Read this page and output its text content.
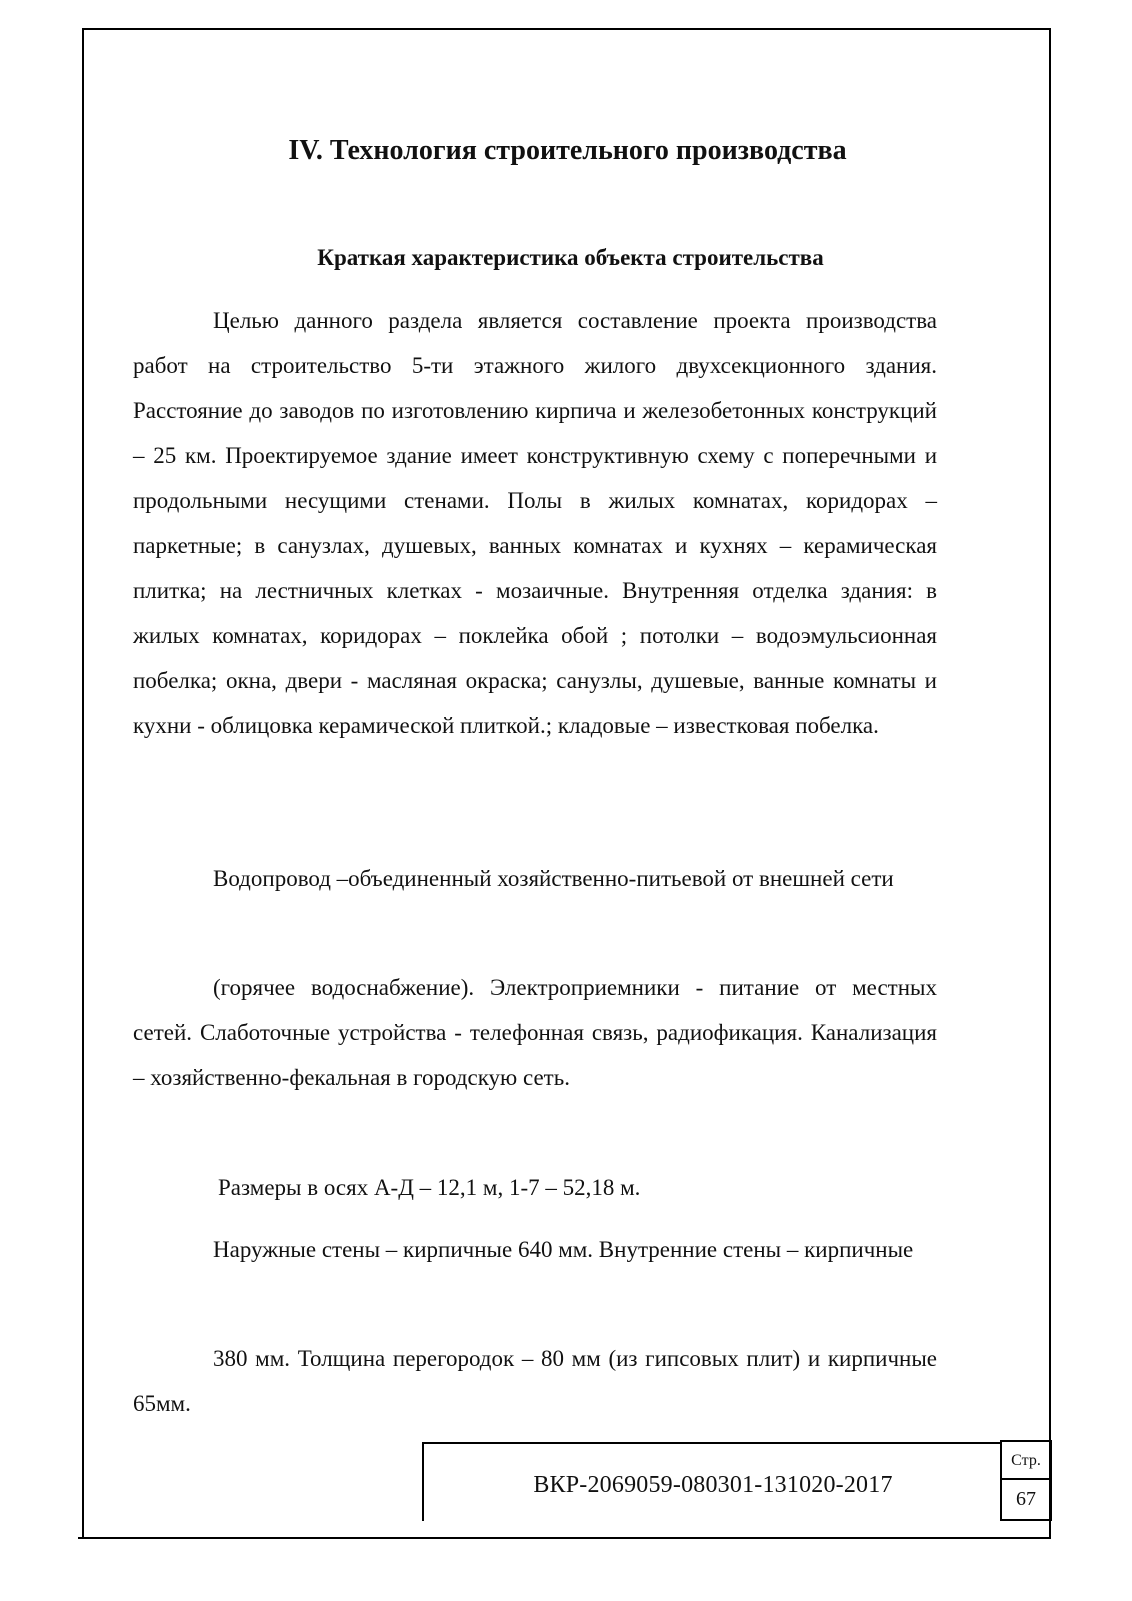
IV. Технология строительного производства
Краткая характеристика объекта строительства

Целью данного раздела является составление проекта производства работ на строительство 5-ти этажного жилого двухсекционного здания. Расстояние до заводов по изготовлению кирпича и железобетонных конструкций – 25 км. Проектируемое здание имеет конструктивную схему с поперечными и продольными несущими стенами. Полы в жилых комнатах, коридорах – паркетные; в санузлах, душевых, ванных комнатах и кухнях – керамическая плитка; на лестничных клетках - мозаичные. Внутренняя отделка здания: в жилых комнатах, коридорах – поклейка обой ; потолки – водоэмульсионная побелка; окна, двери - масляная окраска; санузлы, душевые, ванные комнаты и кухни - облицовка керамической плиткой.; кладовые – известковая побелка.

Водопровод –объединенный хозяйственно-питьевой от внешней сети

(горячее водоснабжение). Электроприемники - питание от местных сетей. Слаботочные устройства - телефонная связь, радиофикация. Канализация – хозяйственно-фекальная в городскую сеть.

Размеры в осях А-Д – 12,1 м, 1-7 – 52,18 м.

Наружные стены – кирпичные 640 мм. Внутренние стены – кирпичные

380 мм. Толщина перегородок – 80 мм (из гипсовых плит) и кирпичные 65мм.

ВКР-2069059-080301-131020-2017
Стр.
67
